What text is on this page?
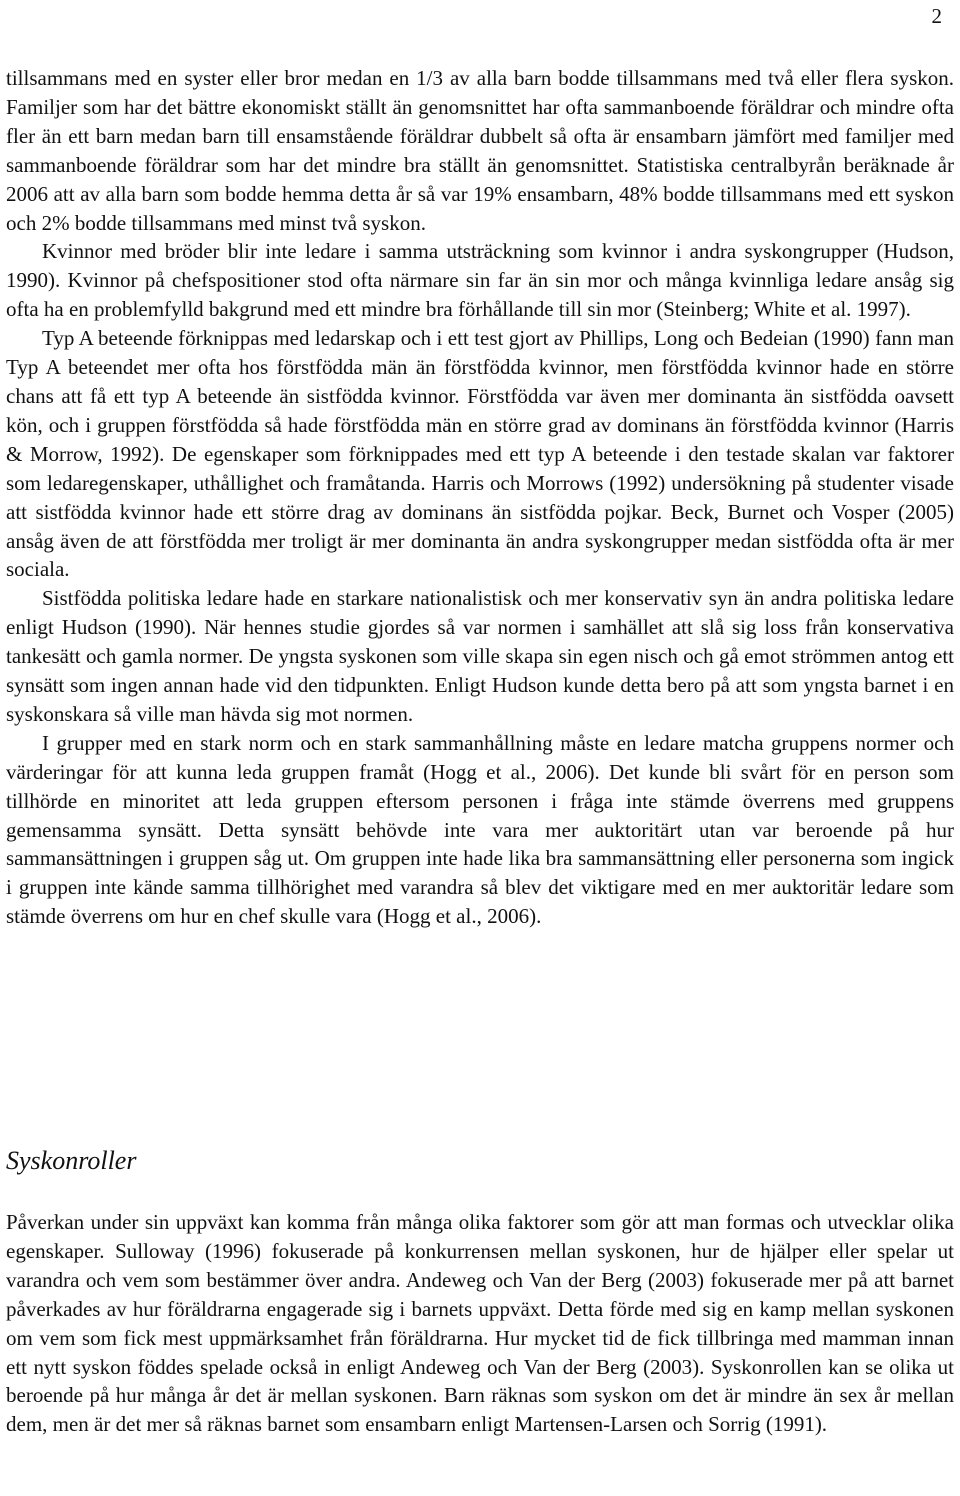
2

tillsammans med en syster eller bror medan en 1/3 av alla barn bodde tillsammans med två eller flera syskon. Familjer som har det bättre ekonomiskt ställt än genomsnittet har ofta sammanboende föräldrar och mindre ofta fler än ett barn medan barn till ensamstående föräldrar dubbelt så ofta är ensambarn jämfört med familjer med sammanboende föräldrar som har det mindre bra ställt än genomsnittet. Statistiska centralbyrån beräknade år 2006 att av alla barn som bodde hemma detta år så var 19% ensambarn, 48% bodde tillsammans med ett syskon och 2% bodde tillsammans med minst två syskon.

Kvinnor med bröder blir inte ledare i samma utsträckning som kvinnor i andra syskongrupper (Hudson, 1990). Kvinnor på chefspositioner stod ofta närmare sin far än sin mor och många kvinnliga ledare ansåg sig ofta ha en problemfylld bakgrund med ett mindre bra förhållande till sin mor (Steinberg; White et al. 1997).

Typ A beteende förknippas med ledarskap och i ett test gjort av Phillips, Long och Bedeian (1990) fann man Typ A beteendet mer ofta hos förstfödda män än förstfödda kvinnor, men förstfödda kvinnor hade en större chans att få ett typ A beteende än sistfödda kvinnor. Förstfödda var även mer dominanta än sistfödda oavsett kön, och i gruppen förstfödda så hade förstfödda män en större grad av dominans än förstfödda kvinnor (Harris & Morrow, 1992). De egenskaper som förknippades med ett typ A beteende i den testade skalan var faktorer som ledaregenskaper, uthållighet och framåtanda. Harris och Morrows (1992) undersökning på studenter visade att sistfödda kvinnor hade ett större drag av dominans än sistfödda pojkar. Beck, Burnet och Vosper (2005) ansåg även de att förstfödda mer troligt är mer dominanta än andra syskongrupper medan sistfödda ofta är mer sociala.

Sistfödda politiska ledare hade en starkare nationalistisk och mer konservativ syn än andra politiska ledare enligt Hudson (1990). När hennes studie gjordes så var normen i samhället att slå sig loss från konservativa tankesätt och gamla normer. De yngsta syskonen som ville skapa sin egen nisch och gå emot strömmen antog ett synsätt som ingen annan hade vid den tidpunkten. Enligt Hudson kunde detta bero på att som yngsta barnet i en syskonskara så ville man hävda sig mot normen.

I grupper med en stark norm och en stark sammanhållning måste en ledare matcha gruppens normer och värderingar för att kunna leda gruppen framåt (Hogg et al., 2006). Det kunde bli svårt för en person som tillhörde en minoritet att leda gruppen eftersom personen i fråga inte stämde överrens med gruppens gemensamma synsätt. Detta synsätt behövde inte vara mer auktoritärt utan var beroende på hur sammansättningen i gruppen såg ut. Om gruppen inte hade lika bra sammansättning eller personerna som ingick i gruppen inte kände samma tillhörighet med varandra så blev det viktigare med en mer auktoritär ledare som stämde överrens om hur en chef skulle vara (Hogg et al., 2006).

Syskonroller

Påverkan under sin uppväxt kan komma från många olika faktorer som gör att man formas och utvecklar olika egenskaper. Sulloway (1996) fokuserade på konkurrensen mellan syskonen, hur de hjälper eller spelar ut varandra och vem som bestämmer över andra. Andeweg och Van der Berg (2003) fokuserade mer på att barnet påverkades av hur föräldrarna engagerade sig i barnets uppväxt. Detta förde med sig en kamp mellan syskonen om vem som fick mest uppmärksamhet från föräldrarna. Hur mycket tid de fick tillbringa med mamman innan ett nytt syskon föddes spelade också in enligt Andeweg och Van der Berg (2003). Syskonrollen kan se olika ut beroende på hur många år det är mellan syskonen. Barn räknas som syskon om det är mindre än sex år mellan dem, men är det mer så räknas barnet som ensambarn enligt Martensen-Larsen och Sorrig (1991).
